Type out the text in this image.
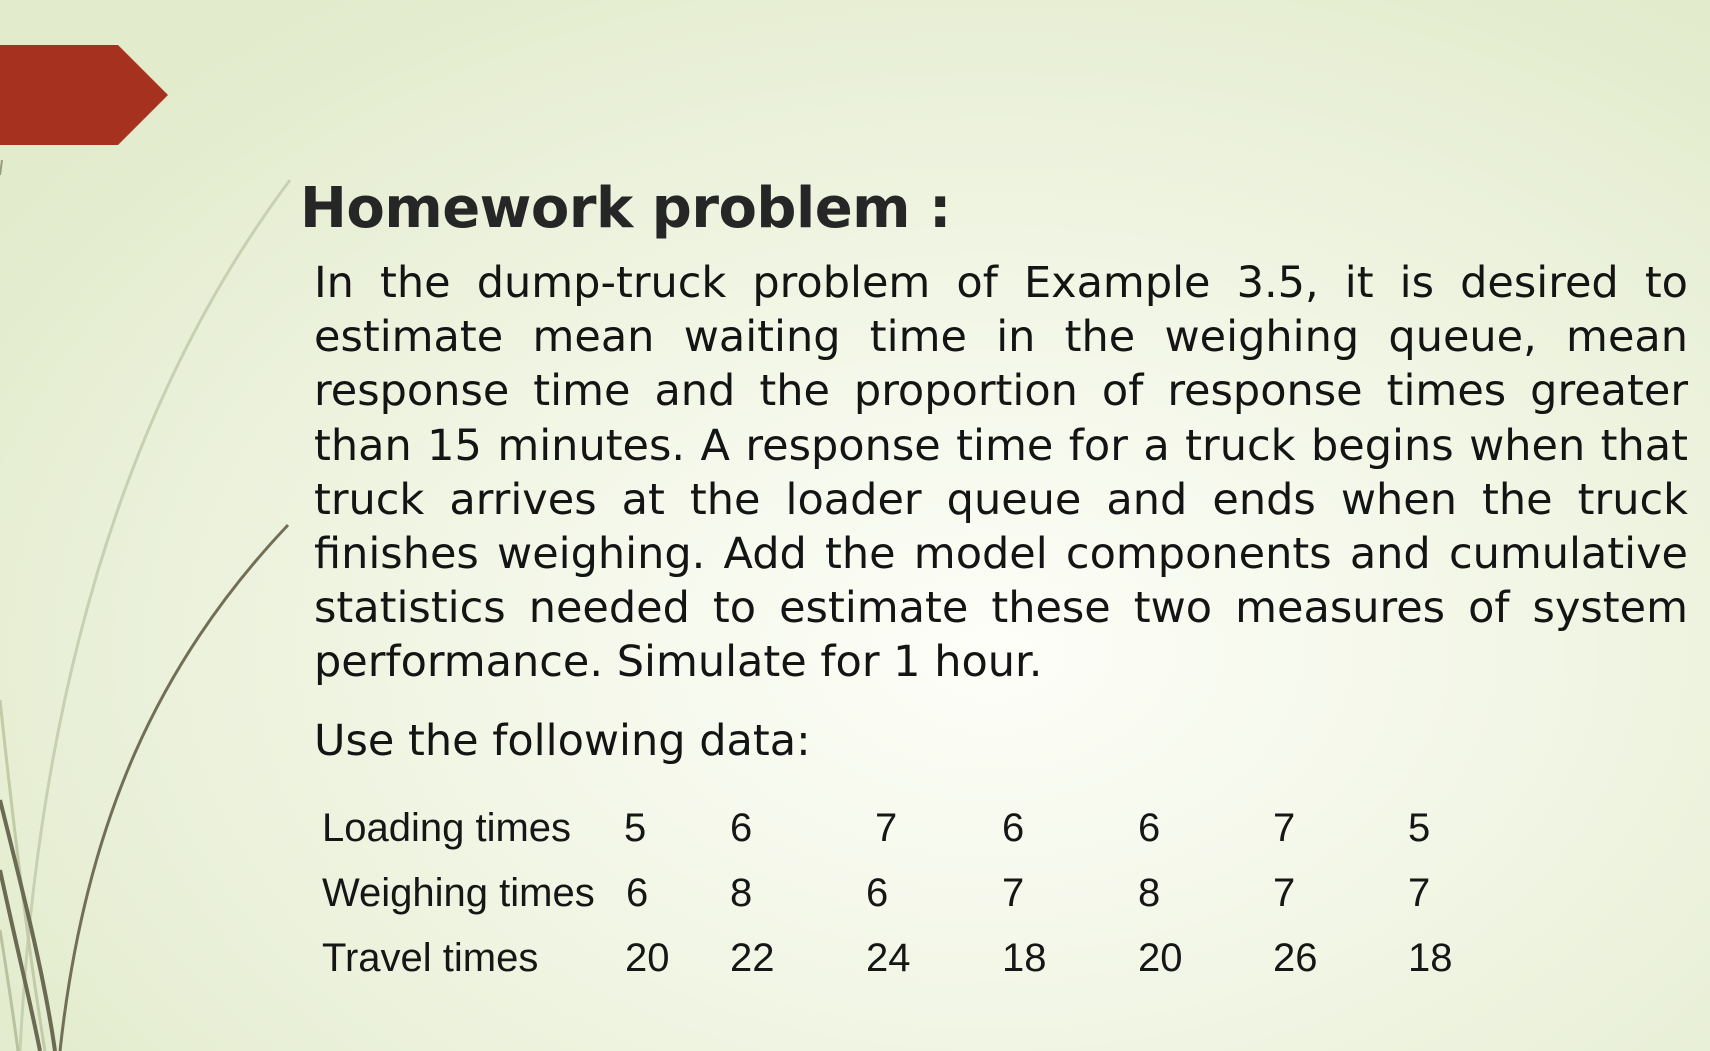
Homework problem :

In the dump-truck problem of Example 3.5, it is desired to estimate mean waiting time in the weighing queue, mean response time and the proportion of response times greater than 15 minutes. A response time for a truck begins when that truck arrives at the loader queue and ends when the truck finishes weighing. Add the model components and cumulative statistics needed to estimate these two measures of system performance. Simulate for 1 hour.

Use the following data:

Loading times 5 6	7	6	6	7	5
Weighing times 6 8	6	7	8	7	7
Travel times 20 22 24 18 20 26 18
